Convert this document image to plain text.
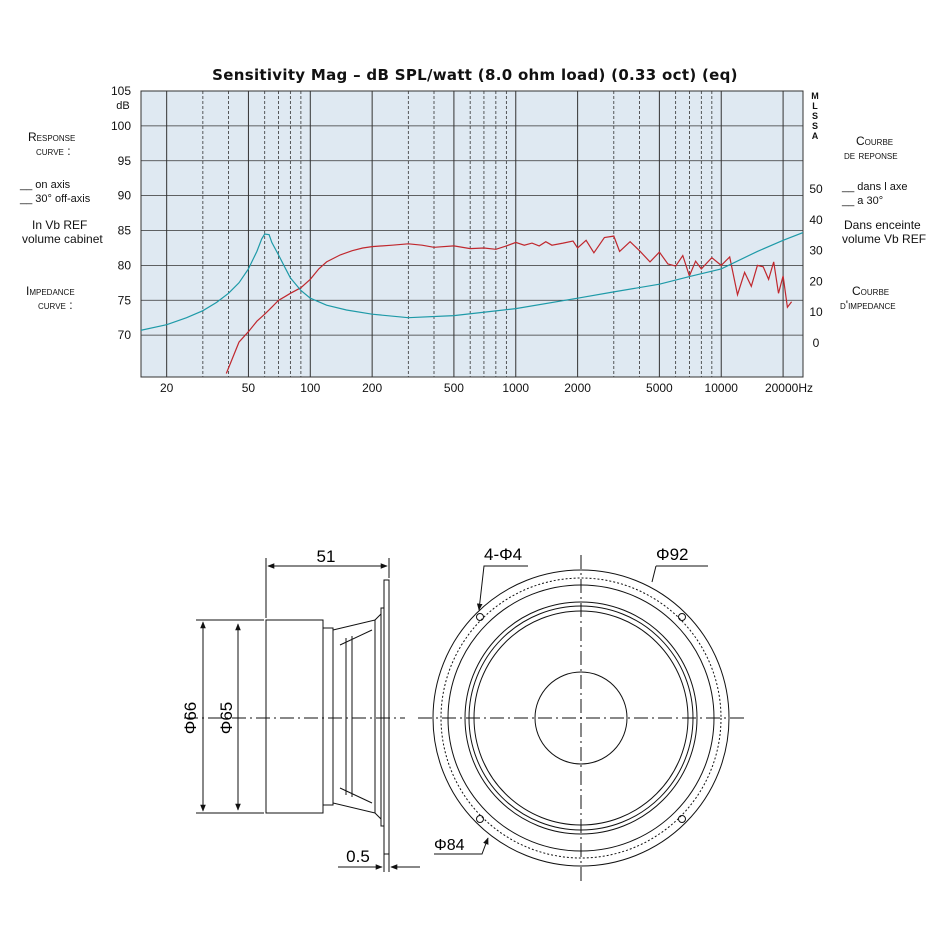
Sensitivity Mag – dB SPL/watt (8.0 ohm load) (0.33 oct) (eq)
Response
curve :
__ on axis
__ 30° off-axis
In Vb REF
volume cabinet
Impedance
curve :
Courbe
de reponse
__ dans l axe
__ a 30°
Dans enceinte
volume Vb REF
Courbe
d'impedance
70
75
80
85
90
95
100
105
dB
0
10
20
30
40
50
M
L
S
S
A
20	50	100	200	500	1000	2000	5000	10000 20000Hz
51
Φ66 Φ65
0.5
4-Φ4	Φ92
Φ84
